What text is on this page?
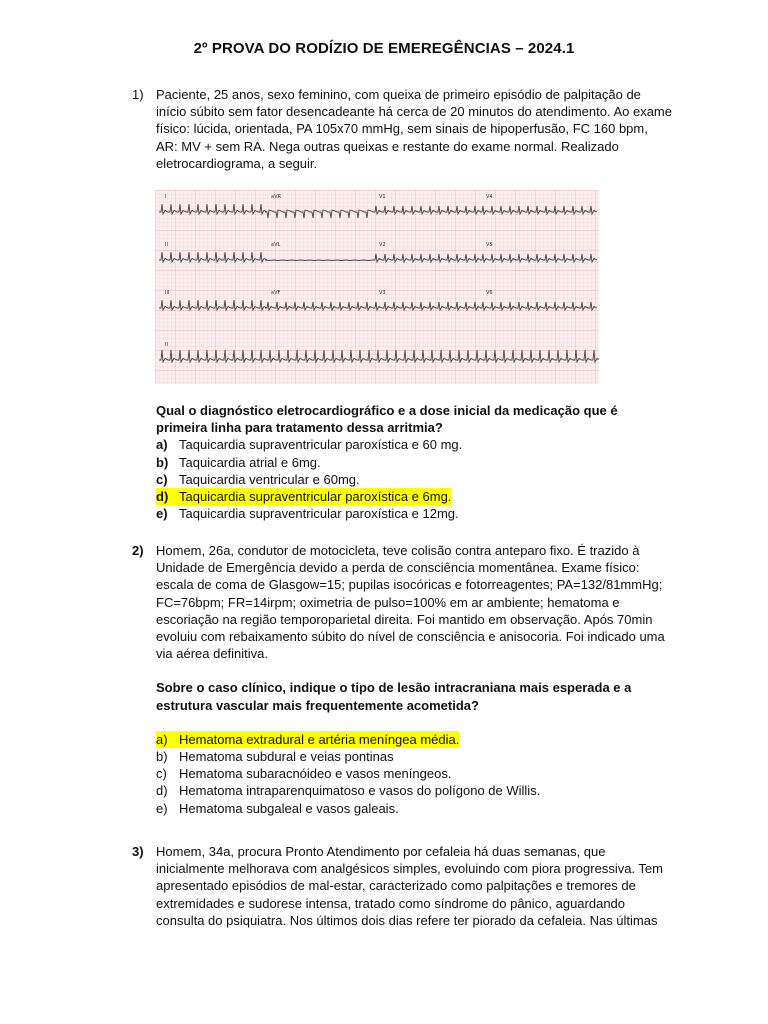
2º PROVA DO RODÍZIO DE EMEREGÊNCIAS – 2024.1
1) Paciente, 25 anos, sexo feminino, com queixa de primeiro episódio de palpitação de início súbito sem fator desencadeante há cerca de 20 minutos do atendimento. Ao exame físico: lúcida, orientada, PA 105x70 mmHg, sem sinais de hipoperfusão, FC 160 bpm, AR: MV + sem RA. Nega outras queixas e restante do exame normal. Realizado eletrocardiograma, a seguir.
I	aVR	V1	V4
II	aVL	V2	V5
III	aVF	V3	V6
II
Qual o diagnóstico eletrocardiográfico e a dose inicial da medicação que é primeira linha para tratamento dessa arritmia?
a) Taquicardia supraventricular paroxística e 60 mg.
b) Taquicardia atrial e 6mg.
c) Taquicardia ventricular e 60mg.
d) Taquicardia supraventricular paroxística e 6mg.
e) Taquicardia supraventricular paroxística e 12mg.
2) Homem, 26a, condutor de motocicleta, teve colisão contra anteparo fixo. É trazido à Unidade de Emergência devido a perda de consciência momentânea. Exame físico: escala de coma de Glasgow=15; pupilas isocóricas e fotorreagentes; PA=132/81mmHg; FC=76bpm; FR=14irpm; oximetria de pulso=100% em ar ambiente; hematoma e escoriação na região temporoparietal direita. Foi mantido em observação. Após 70min evoluiu com rebaixamento súbito do nível de consciência e anisocoria. Foi indicado uma via aérea definitiva.
Sobre o caso clínico, indique o tipo de lesão intracraniana mais esperada e a estrutura vascular mais frequentemente acometida?
a) Hematoma extradural e artéria meníngea média.
b) Hematoma subdural e veias pontinas
c) Hematoma subaracnóideo e vasos meníngeos.
d) Hematoma intraparenquimatoso e vasos do polígono de Willis.
e) Hematoma subgaleal e vasos galeais.
3) Homem, 34a, procura Pronto Atendimento por cefaleia há duas semanas, que inicialmente melhorava com analgésicos simples, evoluindo com piora progressiva. Tem apresentado episódios de mal-estar, caracterizado como palpitações e tremores de extremidades e sudorese intensa, tratado como síndrome do pânico, aguardando consulta do psiquiatra. Nos últimos dois dias refere ter piorado da cefaleia. Nas últimas
